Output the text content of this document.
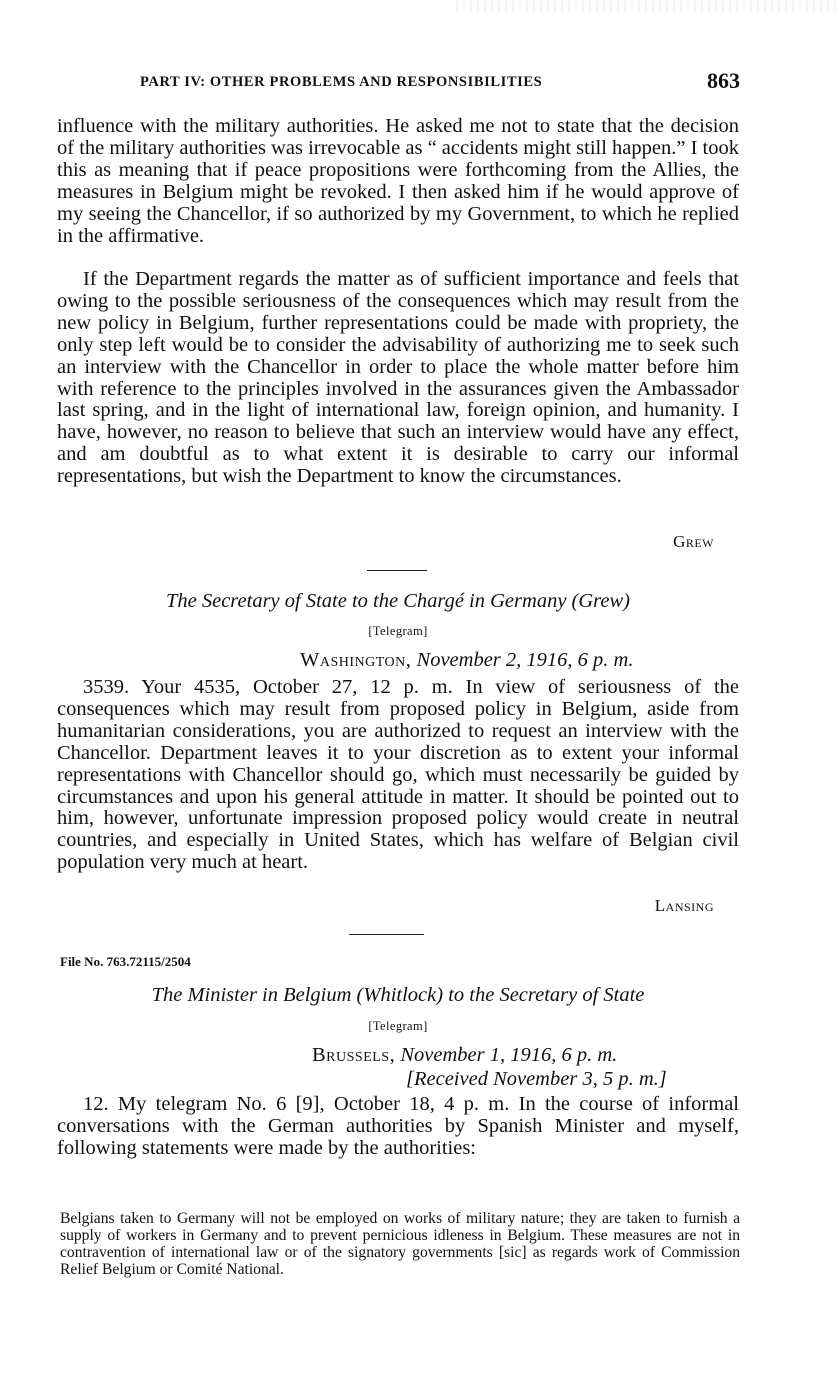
PART IV: OTHER PROBLEMS AND RESPONSIBILITIES	863

influence with the military authorities. He asked me not to state that the decision of the military authorities was irrevocable as “ accidents might still happen.” I took this as meaning that if peace propositions were forthcoming from the Allies, the measures in Belgium might be revoked. I then asked him if he would approve of my seeing the Chancellor, if so authorized by my Government, to which he replied in the affirmative.

If the Department regards the matter as of sufficient importance and feels that owing to the possible seriousness of the consequences which may result from the new policy in Belgium, further representations could be made with propriety, the only step left would be to consider the advisability of authorizing me to seek such an interview with the Chancellor in order to place the whole matter before him with reference to the principles involved in the assurances given the Ambassador last spring, and in the light of international law, foreign opinion, and humanity. I have, however, no reason to believe that such an interview would have any effect, and am doubtful as to what extent it is desirable to carry our informal representations, but wish the Department to know the circumstances.

Grew
The Secretary of State to the Chargé in Germany (Grew)
[Telegram]
Washington, November 2, 1916, 6 p. m.

3539. Your 4535, October 27, 12 p. m. In view of seriousness of the consequences which may result from proposed policy in Belgium, aside from humanitarian considerations, you are authorized to request an interview with the Chancellor. Department leaves it to your discretion as to extent your informal representations with Chancellor should go, which must necessarily be guided by circumstances and upon his general attitude in matter. It should be pointed out to him, however, unfortunate impression proposed policy would create in neutral countries, and especially in United States, which has welfare of Belgian civil population very much at heart.

Lansing
File No. 763.72115/2504
The Minister in Belgium (Whitlock) to the Secretary of State
[Telegram]
Brussels, November 1, 1916, 6 p. m.
[Received November 3, 5 p. m.]

12. My telegram No. 6 [9], October 18, 4 p. m. In the course of informal conversations with the German authorities by Spanish Minister and myself, following statements were made by the authorities:

Belgians taken to Germany will not be employed on works of military nature; they are taken to furnish a supply of workers in Germany and to prevent pernicious idleness in Belgium. These measures are not in contravention of international law or of the signatory governments [sic] as regards work of Commission Relief Belgium or Comité National.
